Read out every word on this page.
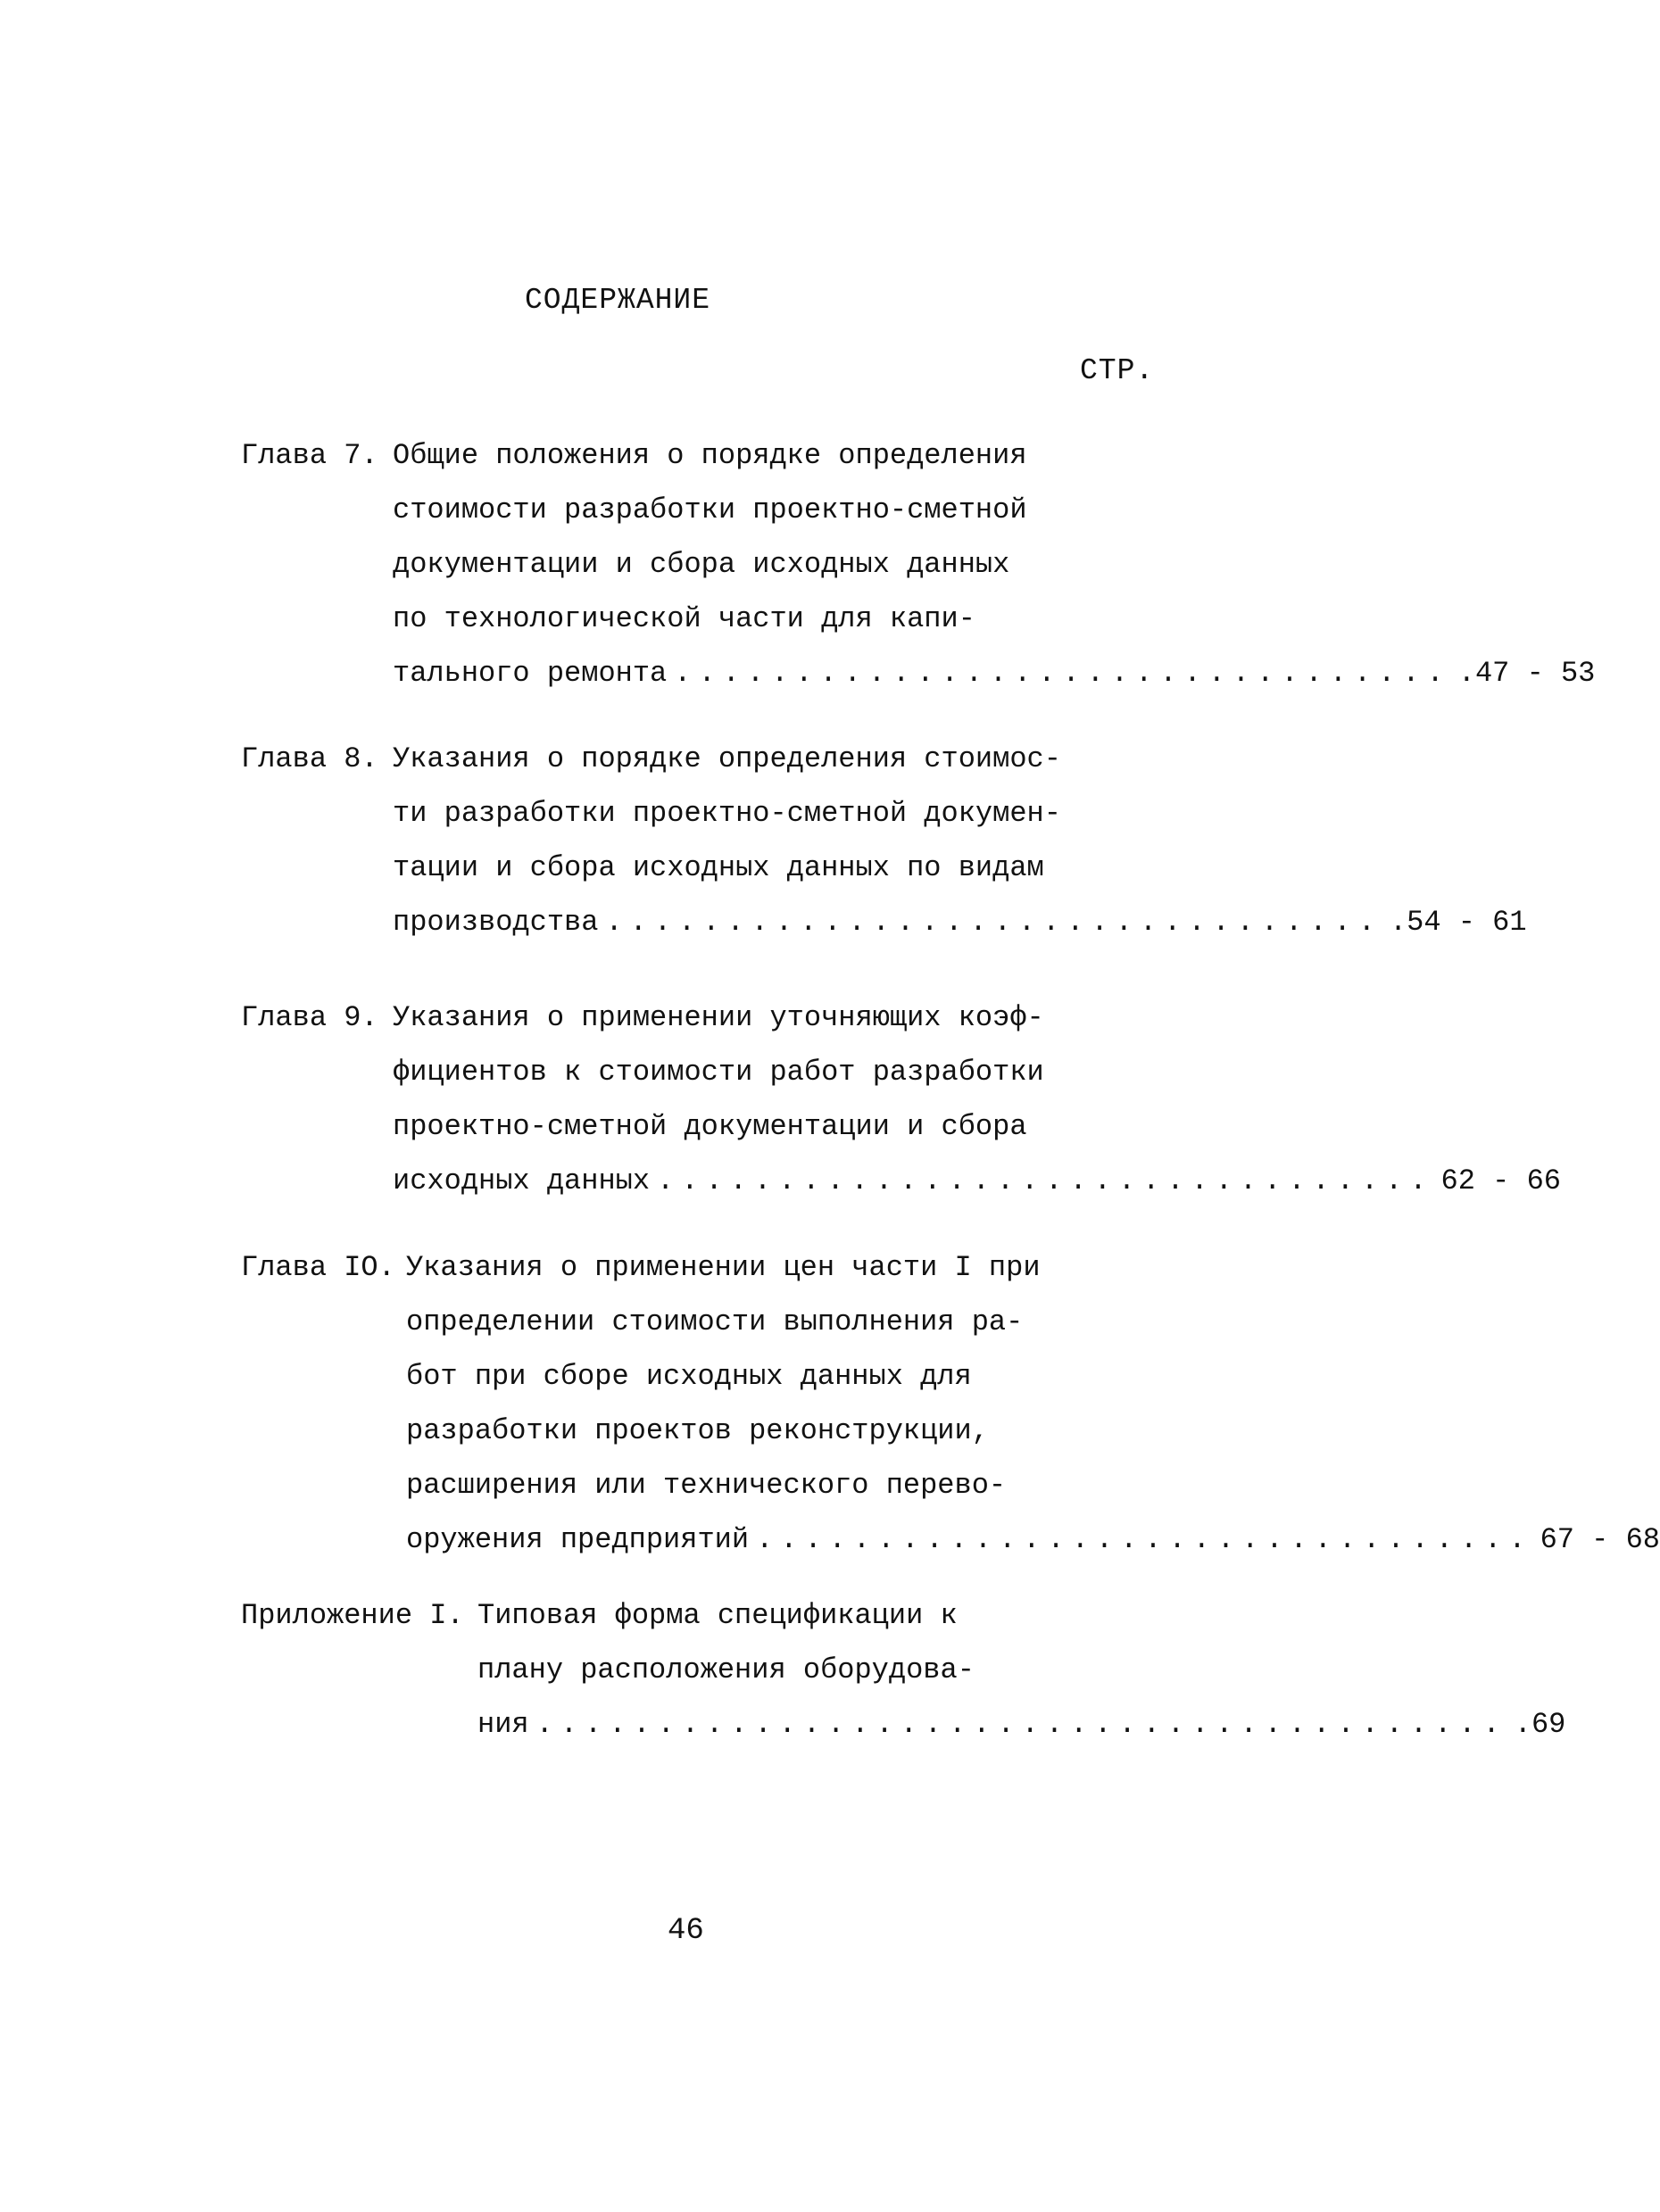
СОДЕРЖАНИЕ
СТР.
Глава 7. Общие положения о порядке определения
стоимости разработки проектно-сметной
документации и сбора исходных данных
по технологической части для капи-
тального ремонта ................................ .47 - 53
Глава 8. Указания о порядке определения стоимос-
ти разработки проектно-сметной докумен-
тации и сбора исходных данных по видам
производства ................................ .54 - 61
Глава 9. Указания о применении уточняющих коэф-
фициентов к стоимости работ разработки
проектно-сметной документации и сбора
исходных данных ................................ 62 - 66
Глава IO. Указания о применении цен части I при
определении стоимости выполнения ра-
бот при сборе исходных данных для
разработки проектов реконструкции,
расширения или технического перево-
оружения предприятий ................................ 67 - 68
Приложение I. Типовая форма спецификации к
плану расположения оборудова-
ния ........................................ .69
46
